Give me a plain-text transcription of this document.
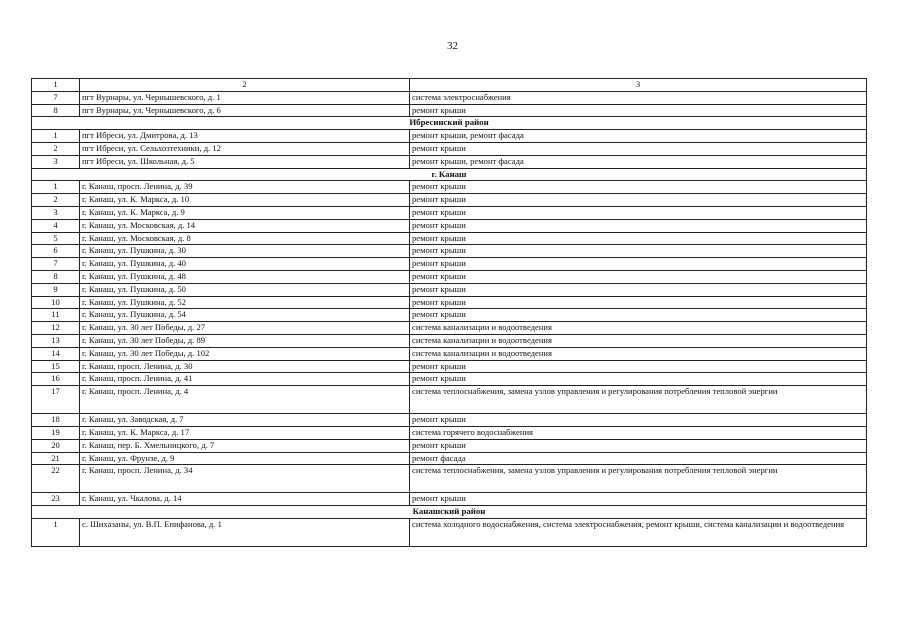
32
1	2	3
7	пгт Вурнары, ул. Чернышевского, д. 1	система электроснабжения
8	пгт Вурнары, ул. Чернышевского, д. 6	ремонт крыши
Ибресинский район		
1	пгт Ибреси, ул. Дмитрова, д. 13	ремонт крыши, ремонт фасада
2	пгт Ибреси, ул. Сельхозтехники, д. 12	ремонт крыши
3	пгт Ибреси, ул. Школьная, д. 5	ремонт крыши, ремонт фасада
г. Канаш		
1	г. Канаш, просп. Ленина, д. 39	ремонт крыши
2	г. Канаш, ул. К. Маркса, д. 10	ремонт крыши
3	г. Канаш, ул. К. Маркса, д. 9	ремонт крыши
4	г. Канаш, ул. Московская, д. 14	ремонт крыши
5	г. Канаш, ул. Московская, д. 8	ремонт крыши
6	г. Канаш, ул. Пушкина, д. 30	ремонт крыши
7	г. Канаш, ул. Пушкина, д. 40	ремонт крыши
8	г. Канаш, ул. Пушкина, д. 48	ремонт крыши
9	г. Канаш, ул. Пушкина, д. 50	ремонт крыши
10	г. Канаш, ул. Пушкина, д. 52	ремонт крыши
11	г. Канаш, ул. Пушкина, д. 54	ремонт крыши
12	г. Канаш, ул. 30 лет Победы, д. 27	система канализации и водоотведения
13	г. Канаш, ул. 30 лет Победы, д. 89	система канализации и водоотведения
14	г. Канаш, ул. 30 лет Победы, д. 102	система канализации и водоотведения
15	г. Канаш, просп. Ленина, д. 30	ремонт крыши
16	г. Канаш, просп. Ленина, д. 41	ремонт крыши
17	г. Канаш, просп. Ленина, д. 4	система теплоснабжения, замена узлов управления и регулирования потребления тепловой энергии
18	г. Канаш, ул. Заводская, д. 7	ремонт крыши
19	г. Канаш, ул. К. Маркса, д. 17	система горячего водоснабжения
20	г. Канаш, пер. Б. Хмельницкого, д. 7	ремонт крыши
21	г. Канаш, ул. Фрунзе, д. 9	ремонт фасада
22	г. Канаш, просп. Ленина, д. 34	система теплоснабжения, замена узлов управления и регулирования потребления тепловой энергии
23	г. Канаш, ул. Чкалова, д. 14	ремонт крыши
Канашский район		
1	с. Шихазаны, ул. В.П. Епифанова, д. 1	система холодного водоснабжения, система электроснабжения, ремонт крыши, система канализации и водоотведения
